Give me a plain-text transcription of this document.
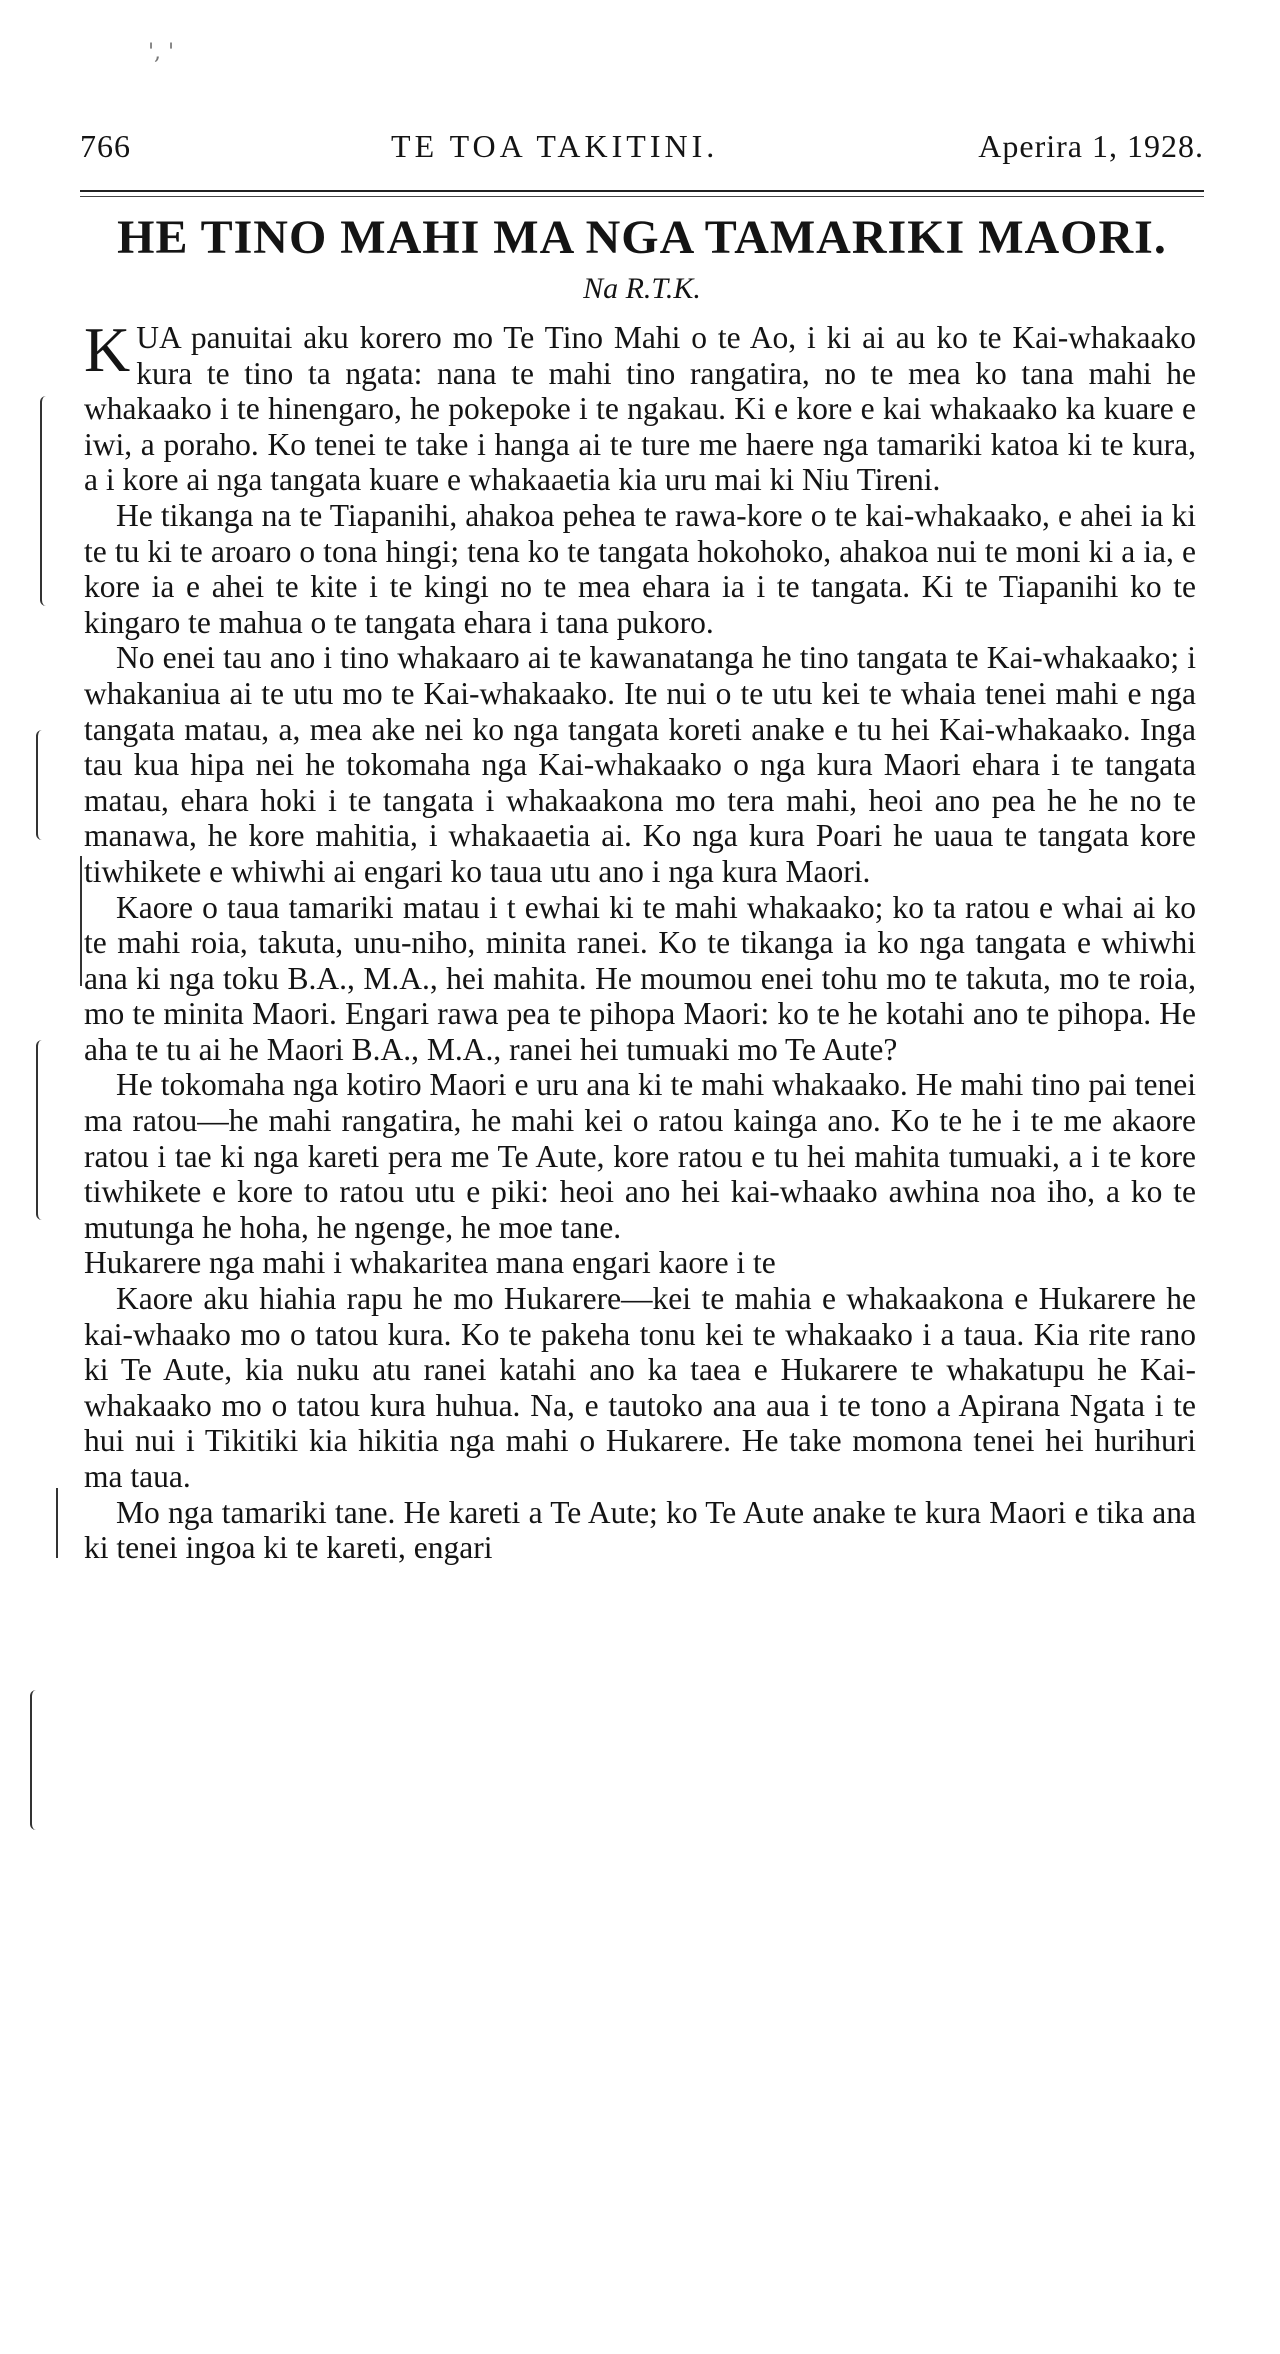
', '
766	TE TOA TAKITINI.	Aperira 1, 1928.
HE TINO MAHI MA NGA TAMARIKI MAORI.
Na R.T.K.

KUA panuitai aku korero mo Te Tino Mahi o te Ao, i ki ai au ko te Kai-whakaako kura te tino ta ngata: nana te mahi tino rangatira, no te mea ko tana mahi he whakaako i te hinengaro, he pokepoke i te ngakau. Ki e kore e kai whakaako ka kuare e iwi, a poraho. Ko tenei te take i hanga ai te ture me haere nga tamariki katoa ki te kura, a i kore ai nga tangata kuare e whakaaetia kia uru mai ki Niu Tireni.

He tikanga na te Tiapanihi, ahakoa pehea te rawa-kore o te kai-whakaako, e ahei ia ki te tu ki te aroaro o tona hingi; tena ko te tangata hokohoko, ahakoa nui te moni ki a ia, e kore ia e ahei te kite i te kingi no te mea ehara ia i te tangata. Ki te Tiapanihi ko te kingaro te mahua o te tangata ehara i tana pukoro.

No enei tau ano i tino whakaaro ai te kawanatanga he tino tangata te Kai-whakaako; i whakaniua ai te utu mo te Kai-whakaako. Ite nui o te utu kei te whaia tenei mahi e nga tangata matau, a, mea ake nei ko nga tangata koreti anake e tu hei Kai-whakaako. Inga tau kua hipa nei he tokomaha nga Kai-whakaako o nga kura Maori ehara i te tangata matau, ehara hoki i te tangata i whakaakona mo tera mahi, heoi ano pea he he no te manawa, he kore mahitia, i whakaaetia ai. Ko nga kura Poari he uaua te tangata kore tiwhikete e whiwhi ai engari ko taua utu ano i nga kura Maori.

Kaore o taua tamariki matau i t ewhai ki te mahi whakaako; ko ta ratou e whai ai ko te mahi roia, takuta, unu-niho, minita ranei. Ko te tikanga ia ko nga tangata e whiwhi ana ki nga toku B.A., M.A., hei mahita. He moumou enei tohu mo te takuta, mo te roia, mo te minita Maori. Engari rawa pea te pihopa Maori: ko te he kotahi ano te pihopa. He aha te tu ai he Maori B.A., M.A., ranei hei tumuaki mo Te Aute?

He tokomaha nga kotiro Maori e uru ana ki te mahi whakaako. He mahi tino pai tenei ma ratou—he mahi rangatira, he mahi kei o ratou kainga ano. Ko te he i te me akaore ratou i tae ki nga kareti pera me Te Aute, kore ratou e tu hei mahita tumuaki, a i te kore tiwhikete e kore to ratou utu e piki: heoi ano hei kai-whaako awhina noa iho, a ko te mutunga he hoha, he ngenge, he moe tane.

Hukarere nga mahi i whakaritea mana engari kaore i te

Kaore aku hiahia rapu he mo Hukarere—kei te mahia e whakaakona e Hukarere he kai-whaako mo o tatou kura. Ko te pakeha tonu kei te whakaako i a taua. Kia rite rano ki Te Aute, kia nuku atu ranei katahi ano ka taea e Hukarere te whakatupu he Kai-whakaako mo o tatou kura huhua. Na, e tautoko ana aua i te tono a Apirana Ngata i te hui nui i Tikitiki kia hikitia nga mahi o Hukarere. He take momona tenei hei hurihuri ma taua.

Mo nga tamariki tane. He kareti a Te Aute; ko Te Aute anake te kura Maori e tika ana ki tenei ingoa ki te kareti, engari
